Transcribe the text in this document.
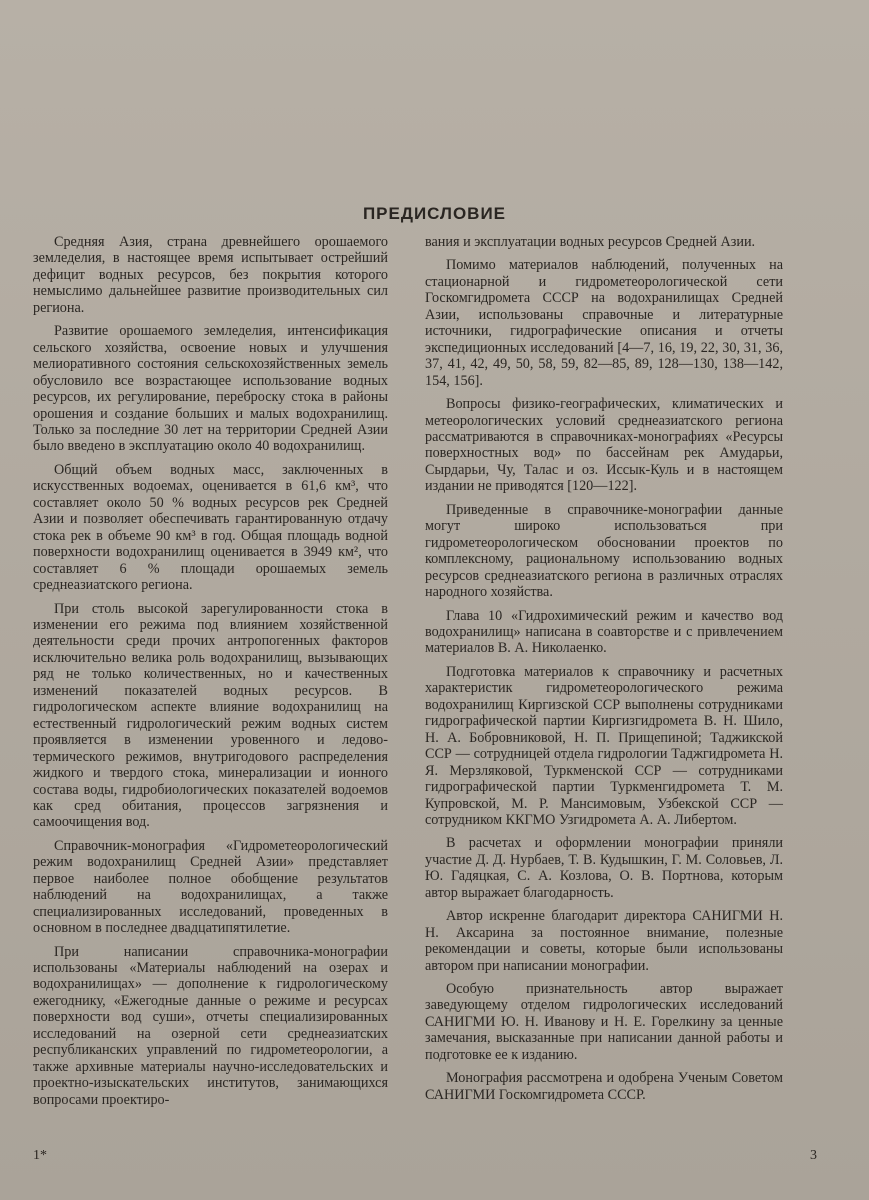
ПРЕДИСЛОВИЕ

Средняя Азия, страна древнейшего орошаемого земледелия, в настоящее время испытывает острейший дефицит водных ресурсов, без покрытия которого немыслимо дальнейшее развитие производительных сил региона.

Развитие орошаемого земледелия, интенсификация сельского хозяйства, освоение новых и улучшения мелиоративного состояния сельскохозяйственных земель обусловило все возрастающее использование водных ресурсов, их регулирование, переброску стока в районы орошения и создание больших и малых водохранилищ. Только за последние 30 лет на территории Средней Азии было введено в эксплуатацию около 40 водохранилищ.

Общий объем водных масс, заключенных в искусственных водоемах, оценивается в 61,6 км³, что составляет около 50 % водных ресурсов рек Средней Азии и позволяет обеспечивать гарантированную отдачу стока рек в объеме 90 км³ в год. Общая площадь водной поверхности водохранилищ оценивается в 3949 км², что составляет 6 % площади орошаемых земель среднеазиатского региона.

При столь высокой зарегулированности стока в изменении его режима под влиянием хозяйственной деятельности среди прочих антропогенных факторов исключительно велика роль водохранилищ, вызывающих ряд не только количественных, но и качественных изменений показателей водных ресурсов. В гидрологическом аспекте влияние водохранилищ на естественный гидрологический режим водных систем проявляется в изменении уровенного и ледово-термического режимов, внутригодового распределения жидкого и твердого стока, минерализации и ионного состава воды, гидробиологических показателей водоемов как сред обитания, процессов загрязнения и самоочищения вод.

Справочник-монография «Гидрометеорологический режим водохранилищ Средней Азии» представляет первое наиболее полное обобщение результатов наблюдений на водохранилищах, а также специализированных исследований, проведенных в основном в последнее двадцатипятилетие.

При написании справочника-монографии использованы «Материалы наблюдений на озерах и водохранилищах» — дополнение к гидрологическому ежегоднику, «Ежегодные данные о режиме и ресурсах поверхности вод суши», отчеты специализированных исследований на озерной сети среднеазиатских республиканских управлений по гидрометеорологии, а также архивные материалы научно-исследовательских и проектно-изыскательских институтов, занимающихся вопросами проектиро-

вания и эксплуатации водных ресурсов Средней Азии.

Помимо материалов наблюдений, полученных на стационарной и гидрометеорологической сети Госкомгидромета СССР на водохранилищах Средней Азии, использованы справочные и литературные источники, гидрографические описания и отчеты экспедиционных исследований [4—7, 16, 19, 22, 30, 31, 36, 37, 41, 42, 49, 50, 58, 59, 82—85, 89, 128—130, 138—142, 154, 156].

Вопросы физико-географических, климатических и метеорологических условий среднеазиатского региона рассматриваются в справочниках-монографиях «Ресурсы поверхностных вод» по бассейнам рек Амударьи, Сырдарьи, Чу, Талас и оз. Иссык-Куль и в настоящем издании не приводятся [120—122].

Приведенные в справочнике-монографии данные могут широко использоваться при гидрометеорологическом обосновании проектов по комплексному, рациональному использованию водных ресурсов среднеазиатского региона в различных отраслях народного хозяйства.

Глава 10 «Гидрохимический режим и качество вод водохранилищ» написана в соавторстве и с привлечением материалов В. А. Николаенко.

Подготовка материалов к справочнику и расчетных характеристик гидрометеорологического режима водохранилищ Киргизской ССР выполнены сотрудниками гидрографической партии Киргизгидромета В. Н. Шило, Н. А. Бобровниковой, Н. П. Прищепиной; Таджикской ССР — сотрудницей отдела гидрологии Таджгидромета Н. Я. Мерзляковой, Туркменской ССР — сотрудниками гидрографической партии Туркменгидромета Т. М. Купровской, М. Р. Мансимовым, Узбекской ССР — сотрудником ККГМО Узгидромета А. А. Либертом.

В расчетах и оформлении монографии приняли участие Д. Д. Нурбаев, Т. В. Кудышкин, Г. М. Соловьев, Л. Ю. Гадяцкая, С. А. Козлова, О. В. Портнова, которым автор выражает благодарность.

Автор искренне благодарит директора САНИГМИ Н. Н. Аксарина за постоянное внимание, полезные рекомендации и советы, которые были использованы автором при написании монографии.

Особую признательность автор выражает заведующему отделом гидрологических исследований САНИГМИ Ю. Н. Иванову и Н. Е. Горелкину за ценные замечания, высказанные при написании данной работы и подготовке ее к изданию.

Монография рассмотрена и одобрена Ученым Советом САНИГМИ Госкомгидромета СССР.

1*	3
